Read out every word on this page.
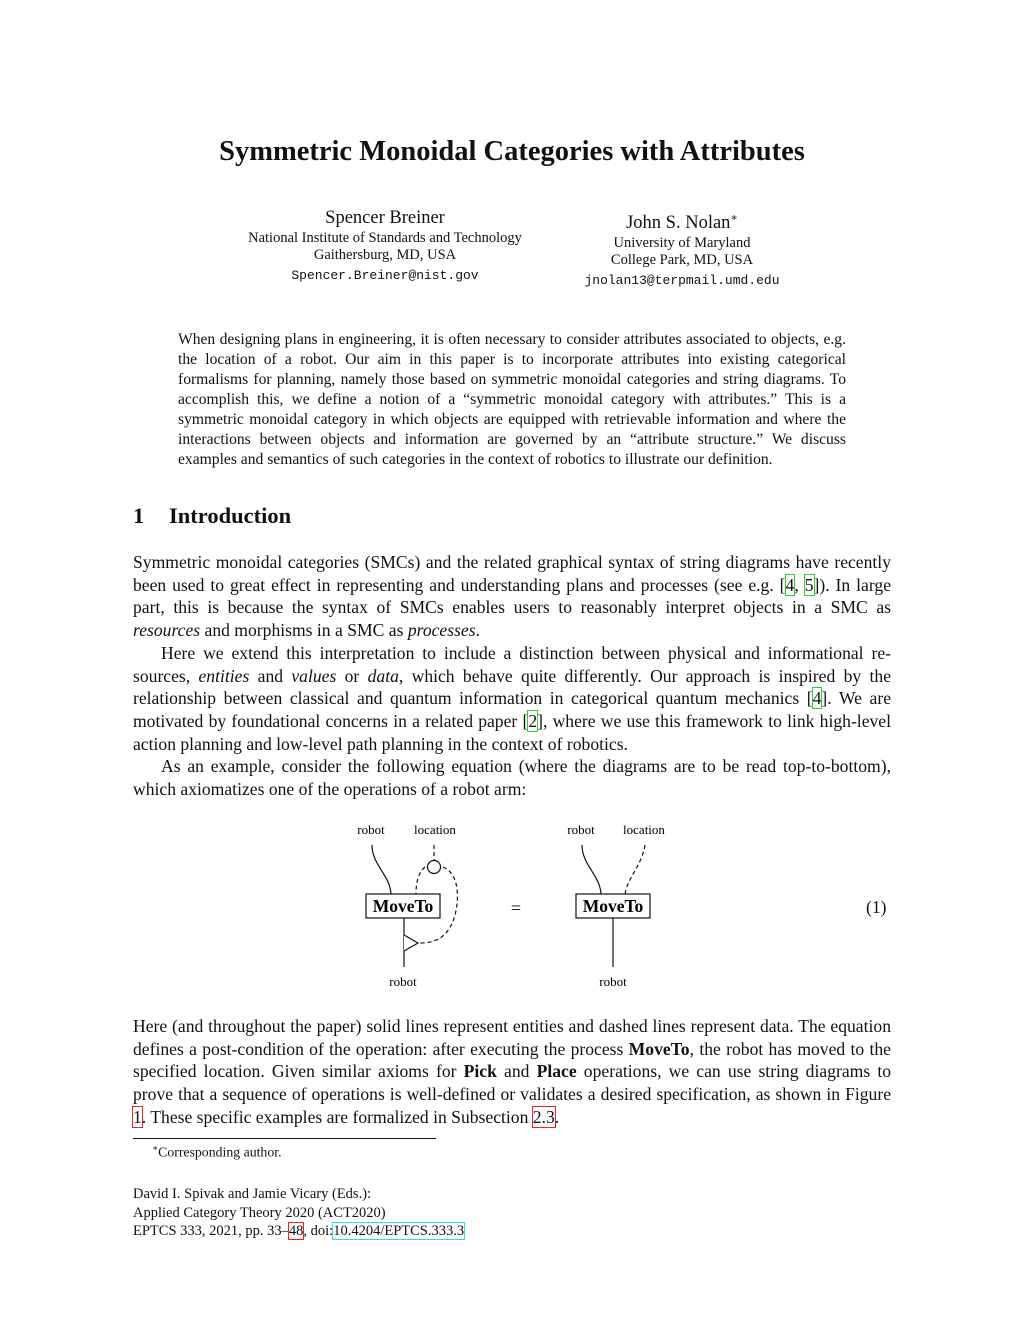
Symmetric Monoidal Categories with Attributes
Spencer Breiner
National Institute of Standards and Technology
Gaithersburg, MD, USA
Spencer.Breiner@nist.gov
John S. Nolan∗
University of Maryland
College Park, MD, USA
jnolan13@terpmail.umd.edu
When designing plans in engineering, it is often necessary to consider attributes associated to objects, e.g. the location of a robot. Our aim in this paper is to incorporate attributes into existing categorical formalisms for planning, namely those based on symmetric monoidal categories and string diagrams. To accomplish this, we define a notion of a “symmetric monoidal category with attributes.” This is a symmetric monoidal category in which objects are equipped with retrievable information and where the interactions between objects and information are governed by an “attribute structure.” We discuss examples and semantics of such categories in the context of robotics to illustrate our definition.
1 Introduction

Symmetric monoidal categories (SMCs) and the related graphical syntax of string diagrams have recently been used to great effect in representing and understanding plans and processes (see e.g. [4, 5]). In large part, this is because the syntax of SMCs enables users to reasonably interpret objects in a SMC as resources and morphisms in a SMC as processes.

Here we extend this interpretation to include a distinction between physical and informational resources, entities and values or data, which behave quite differently. Our approach is inspired by the relationship between classical and quantum information in categorical quantum mechanics [4]. We are motivated by foundational concerns in a related paper [2], where we use this framework to link high-level action planning and low-level path planning in the context of robotics.

As an example, consider the following equation (where the diagrams are to be read top-to-bottom), which axiomatizes one of the operations of a robot arm:

robot location
MoveTo
robot
=
robot location
MoveTo
robot
(1)

Here (and throughout the paper) solid lines represent entities and dashed lines represent data. The equation defines a post-condition of the operation: after executing the process MoveTo, the robot has moved to the specified location. Given similar axioms for Pick and Place operations, we can use string diagrams to prove that a sequence of operations is well-defined or validates a desired specification, as shown in Figure 1. These specific examples are formalized in Subsection 2.3.

∗Corresponding author.
David I. Spivak and Jamie Vicary (Eds.):
Applied Category Theory 2020 (ACT2020)
EPTCS 333, 2021, pp. 33–48, doi:10.4204/EPTCS.333.3
